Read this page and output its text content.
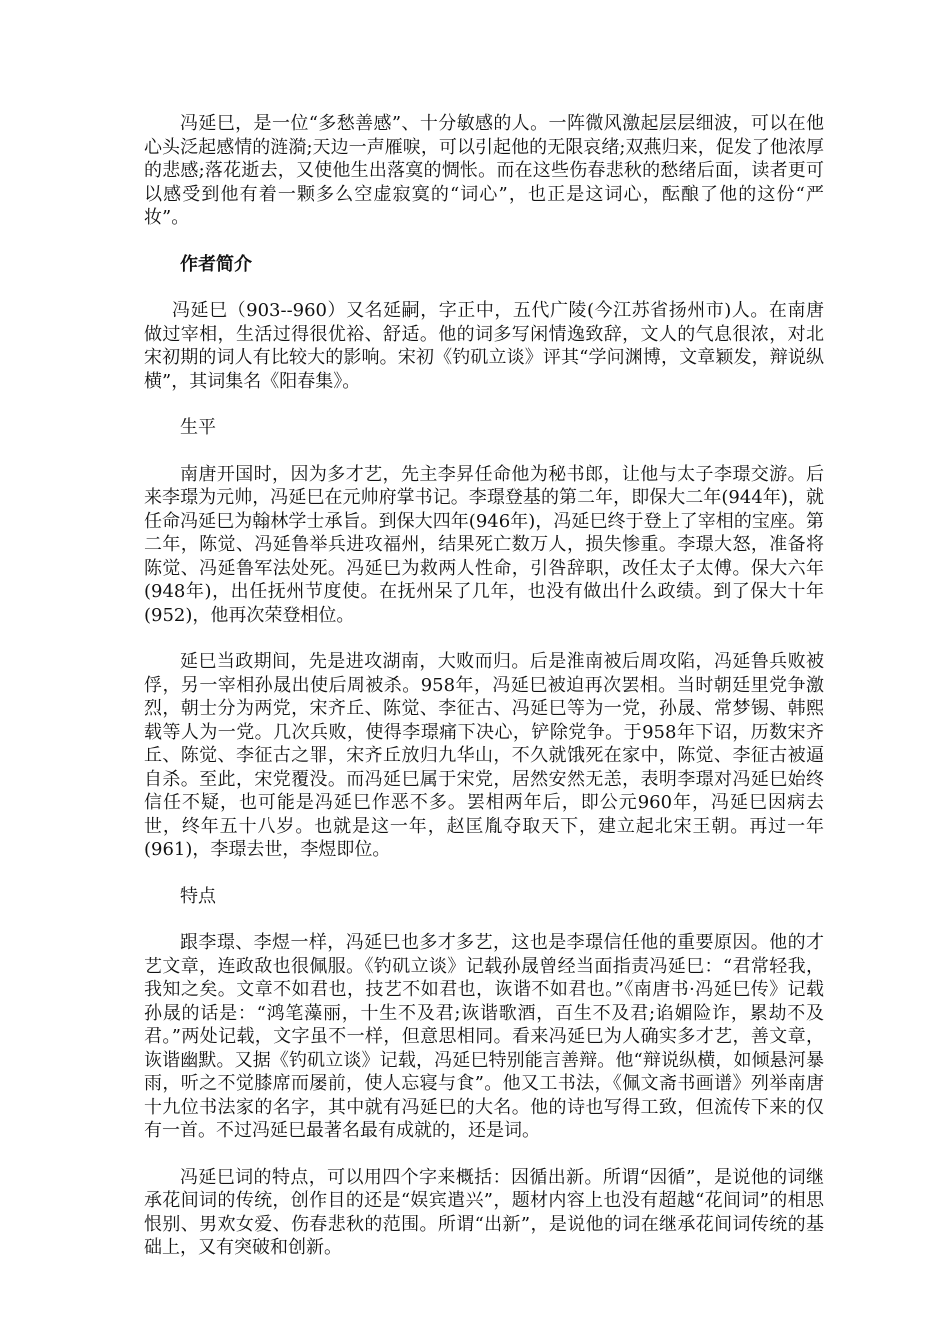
冯延巳，是一位“多愁善感”、十分敏感的人。一阵微风激起层层细波，可以在他心头泛起感情的涟漪;天边一声雁唳，可以引起他的无限哀绪;双燕归来，促发了他浓厚的悲感;落花逝去，又使他生出落寞的惆怅。而在这些伤春悲秋的愁绪后面，读者更可以感受到他有着一颗多么空虚寂寞的“词心”，也正是这词心，酝酿了他的这份“严妆”。

作者简介

冯延巳（903--960）又名延嗣，字正中，五代广陵(今江苏省扬州市)人。在南唐做过宰相，生活过得很优裕、舒适。他的词多写闲情逸致辞，文人的气息很浓，对北宋初期的词人有比较大的影响。宋初《钓矶立谈》评其“学问渊博，文章颖发，辩说纵横”，其词集名《阳春集》。

生平

南唐开国时，因为多才艺，先主李昇任命他为秘书郎，让他与太子李璟交游。后来李璟为元帅，冯延巳在元帅府掌书记。李璟登基的第二年，即保大二年(944年)，就任命冯延巳为翰林学士承旨。到保大四年(946年)，冯延巳终于登上了宰相的宝座。第二年，陈觉、冯延鲁举兵进攻福州，结果死亡数万人，损失惨重。李璟大怒，准备将陈觉、冯延鲁军法处死。冯延巳为救两人性命，引咎辞职，改任太子太傅。保大六年 (948年)，出任抚州节度使。在抚州呆了几年，也没有做出什么政绩。到了保大十年(952)，他再次荣登相位。

延巳当政期间，先是进攻湖南，大败而归。后是淮南被后周攻陷，冯延鲁兵败被俘，另一宰相孙晟出使后周被杀。958年，冯延巳被迫再次罢相。当时朝廷里党争激烈，朝士分为两党，宋齐丘、陈觉、李征古、冯延巳等为一党，孙晟、常梦锡、韩熙载等人为一党。几次兵败，使得李璟痛下决心，铲除党争。于958年下诏，历数宋齐丘、陈觉、李征古之罪，宋齐丘放归九华山，不久就饿死在家中，陈觉、李征古被逼自杀。至此，宋党覆没。而冯延巳属于宋党，居然安然无恙，表明李璟对冯延巳始终信任不疑，也可能是冯延巳作恶不多。罢相两年后，即公元960年，冯延巳因病去世，终年五十八岁。也就是这一年，赵匡胤夺取天下，建立起北宋王朝。再过一年(961)，李璟去世，李煜即位。

特点

跟李璟、李煜一样，冯延巳也多才多艺，这也是李璟信任他的重要原因。他的才艺文章，连政敌也很佩服。《钓矶立谈》记载孙晟曾经当面指责冯延巳：“君常轻我，我知之矣。文章不如君也，技艺不如君也，诙谐不如君也。”《南唐书·冯延巳传》记载孙晟的话是：“鸿笔藻丽，十生不及君;诙谐歌酒，百生不及君;谄媚险诈，累劫不及君。”两处记载，文字虽不一样，但意思相同。看来冯延巳为人确实多才艺，善文章，诙谐幽默。又据《钓矶立谈》记载，冯延巳特别能言善辩。他“辩说纵横，如倾悬河暴雨，听之不觉膝席而屡前，使人忘寝与食”。他又工书法，《佩文斋书画谱》列举南唐十九位书法家的名字，其中就有冯延巳的大名。他的诗也写得工致，但流传下来的仅有一首。不过冯延巳最著名最有成就的，还是词。

冯延巳词的特点，可以用四个字来概括：因循出新。所谓“因循”，是说他的词继承花间词的传统，创作目的还是“娱宾遣兴”，题材内容上也没有超越“花间词”的相思恨别、男欢女爱、伤春悲秋的范围。所谓“出新”，是说他的词在继承花间词传统的基础上，又有突破和创新。
